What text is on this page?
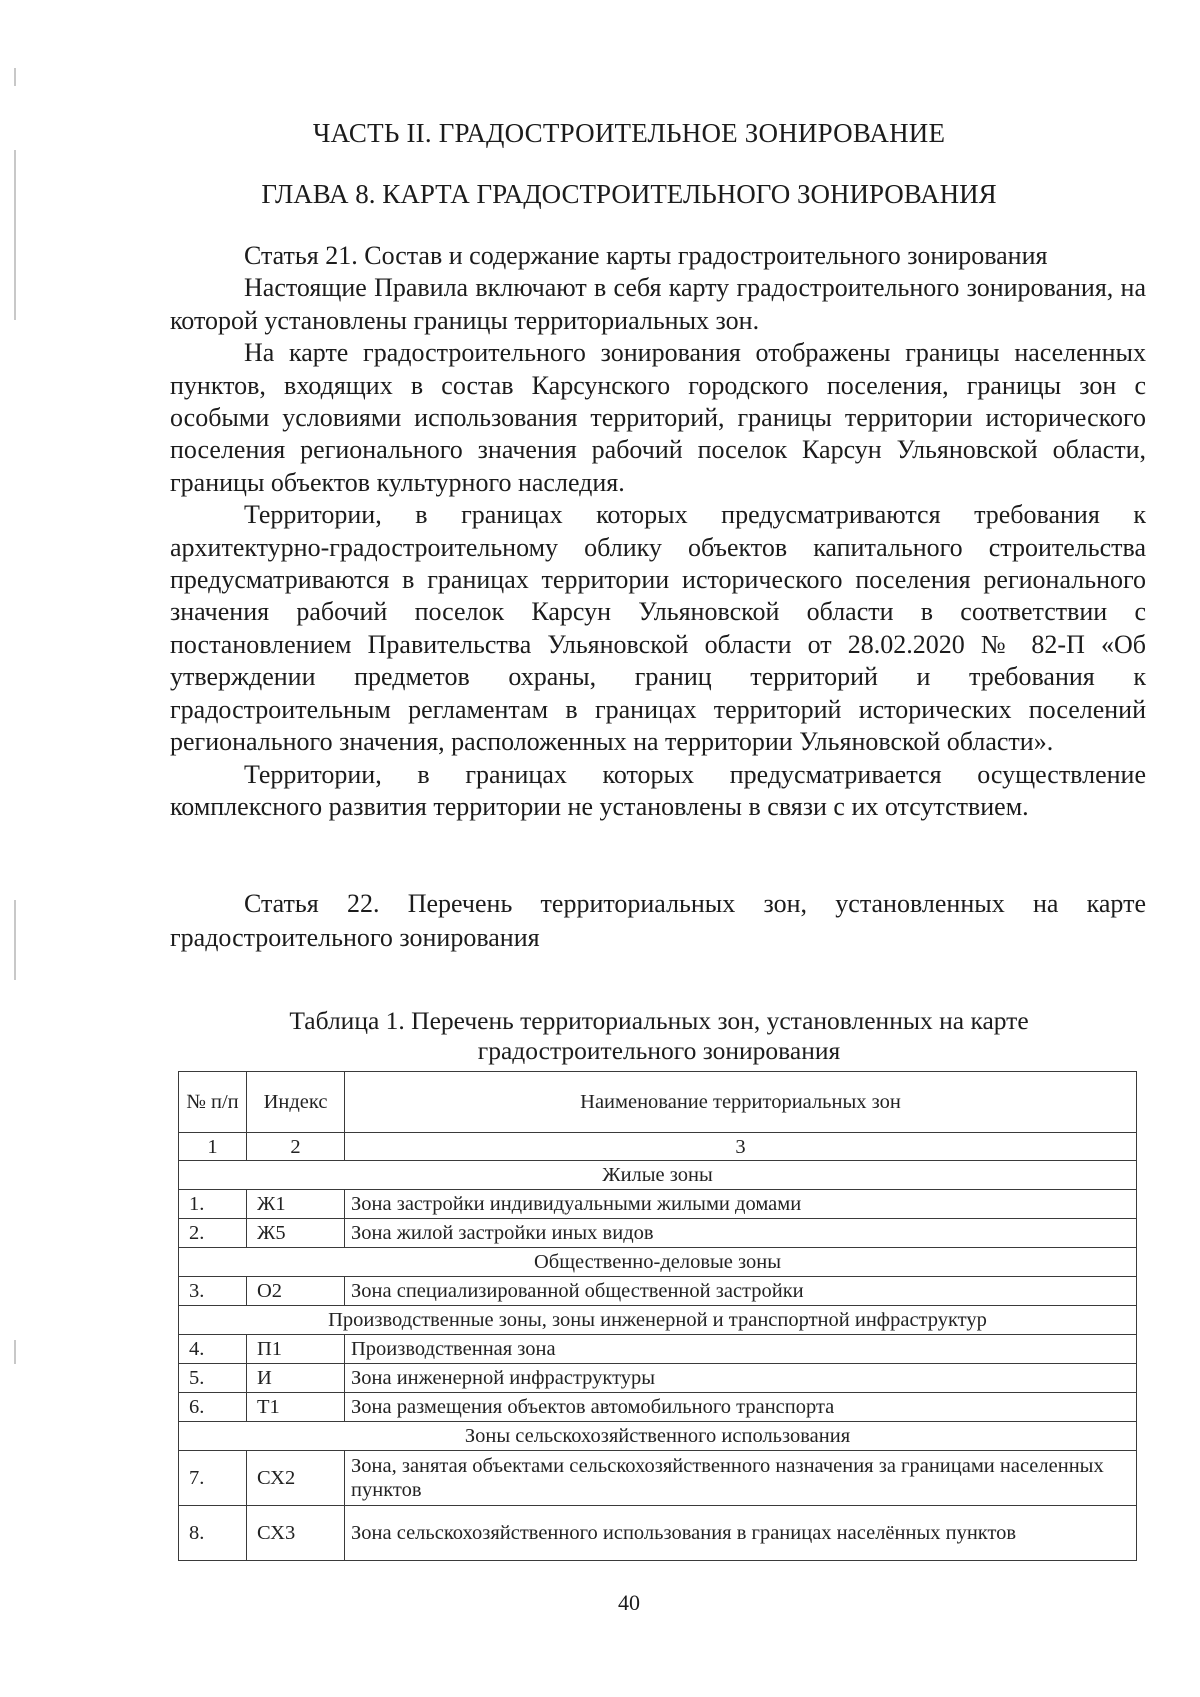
ЧАСТЬ II. ГРАДОСТРОИТЕЛЬНОЕ ЗОНИРОВАНИЕ
ГЛАВА 8. КАРТА ГРАДОСТРОИТЕЛЬНОГО ЗОНИРОВАНИЯ

Статья 21. Состав и содержание карты градостроительного зонирования

Настоящие Правила включают в себя карту градостроительного зонирования, на которой установлены границы территориальных зон.

На карте градостроительного зонирования отображены границы населенных пунктов, входящих в состав Карсунского городского поселения, границы зон с особыми условиями использования территорий, границы территории исторического поселения регионального значения рабочий поселок Карсун Ульяновской области, границы объектов культурного наследия.

Территории, в границах которых предусматриваются требования к архитектурно-градостроительному облику объектов капитального строительства предусматриваются в границах территории исторического поселения регионального значения рабочий поселок Карсун Ульяновской области в соответствии с постановлением Правительства Ульяновской области от 28.02.2020 № 82-П «Об утверждении предметов охраны, границ территорий и требования к градостроительным регламентам в границах территорий исторических поселений регионального значения, расположенных на территории Ульяновской области».

Территории, в границах которых предусматривается осуществление комплексного развития территории не установлены в связи с их отсутствием.

Статья 22. Перечень территориальных зон, установленных на карте градостроительного зонирования

Таблица 1. Перечень территориальных зон, установленных на карте
градостроительного зонирования
№ п/п	Индекс	Наименование территориальных зон
1	2	3
Жилые зоны		
1.	Ж1	Зона застройки индивидуальными жилыми домами
2.	Ж5	Зона жилой застройки иных видов
Общественно-деловые зоны		
3.	О2	Зона специализированной общественной застройки
Производственные зоны, зоны инженерной и транспортной инфраструктур		
4.	П1	Производственная зона
5.	И	Зона инженерной инфраструктуры
6.	Т1	Зона размещения объектов автомобильного транспорта
Зоны сельскохозяйственного использования		
7.	СХ2	Зона, занятая объектами сельскохозяйственного назначения за границами населенных пунктов
8.	СХ3	Зона сельскохозяйственного использования в границах населённых пунктов
40
